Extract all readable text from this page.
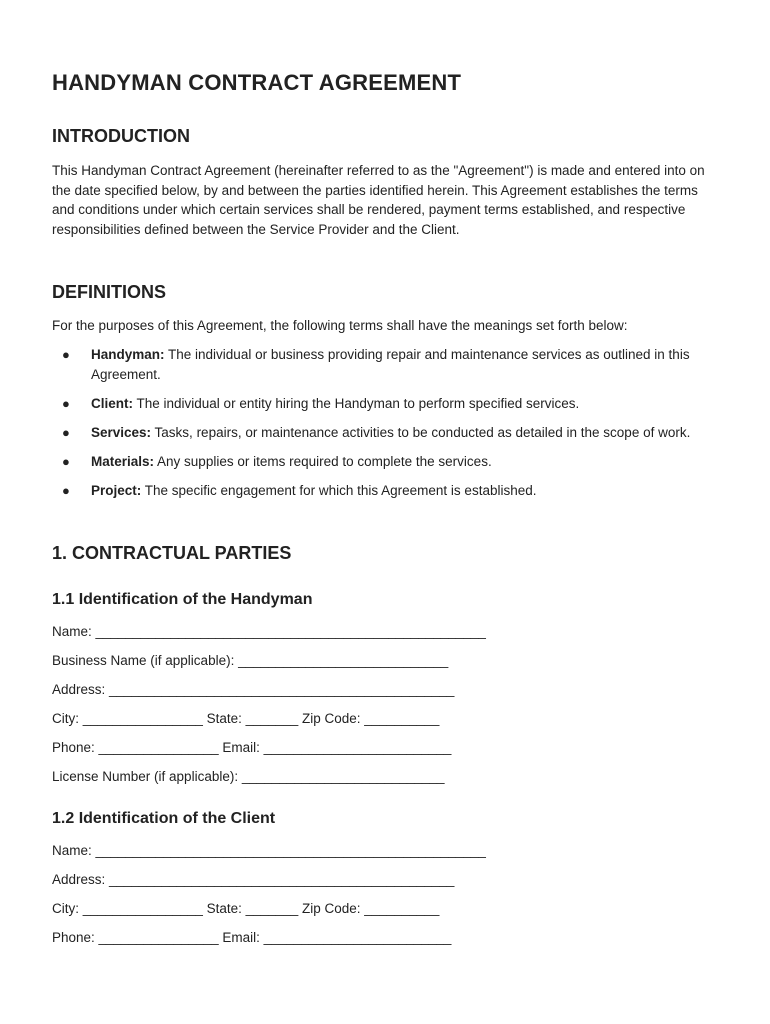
HANDYMAN CONTRACT AGREEMENT
INTRODUCTION

This Handyman Contract Agreement (hereinafter referred to as the "Agreement") is made and entered into on the date specified below, by and between the parties identified herein. This Agreement establishes the terms and conditions under which certain services shall be rendered, payment terms established, and respective responsibilities defined between the Service Provider and the Client.

DEFINITIONS

For the purposes of this Agreement, the following terms shall have the meanings set forth below:

● Handyman: The individual or business providing repair and maintenance services as outlined in this Agreement.
● Client: The individual or entity hiring the Handyman to perform specified services.
● Services: Tasks, repairs, or maintenance activities to be conducted as detailed in the scope of work.
● Materials: Any supplies or items required to complete the services.
● Project: The specific engagement for which this Agreement is established.
1. CONTRACTUAL PARTIES
1.1 Identification of the Handyman
Name: ____________________________________________________
Business Name (if applicable): ____________________________
Address: ______________________________________________
City: ________________ State: _______ Zip Code: __________
Phone: ________________ Email: _________________________
License Number (if applicable): ___________________________
1.2 Identification of the Client
Name: ____________________________________________________
Address: ______________________________________________
City: ________________ State: _______ Zip Code: __________
Phone: ________________ Email: _________________________
